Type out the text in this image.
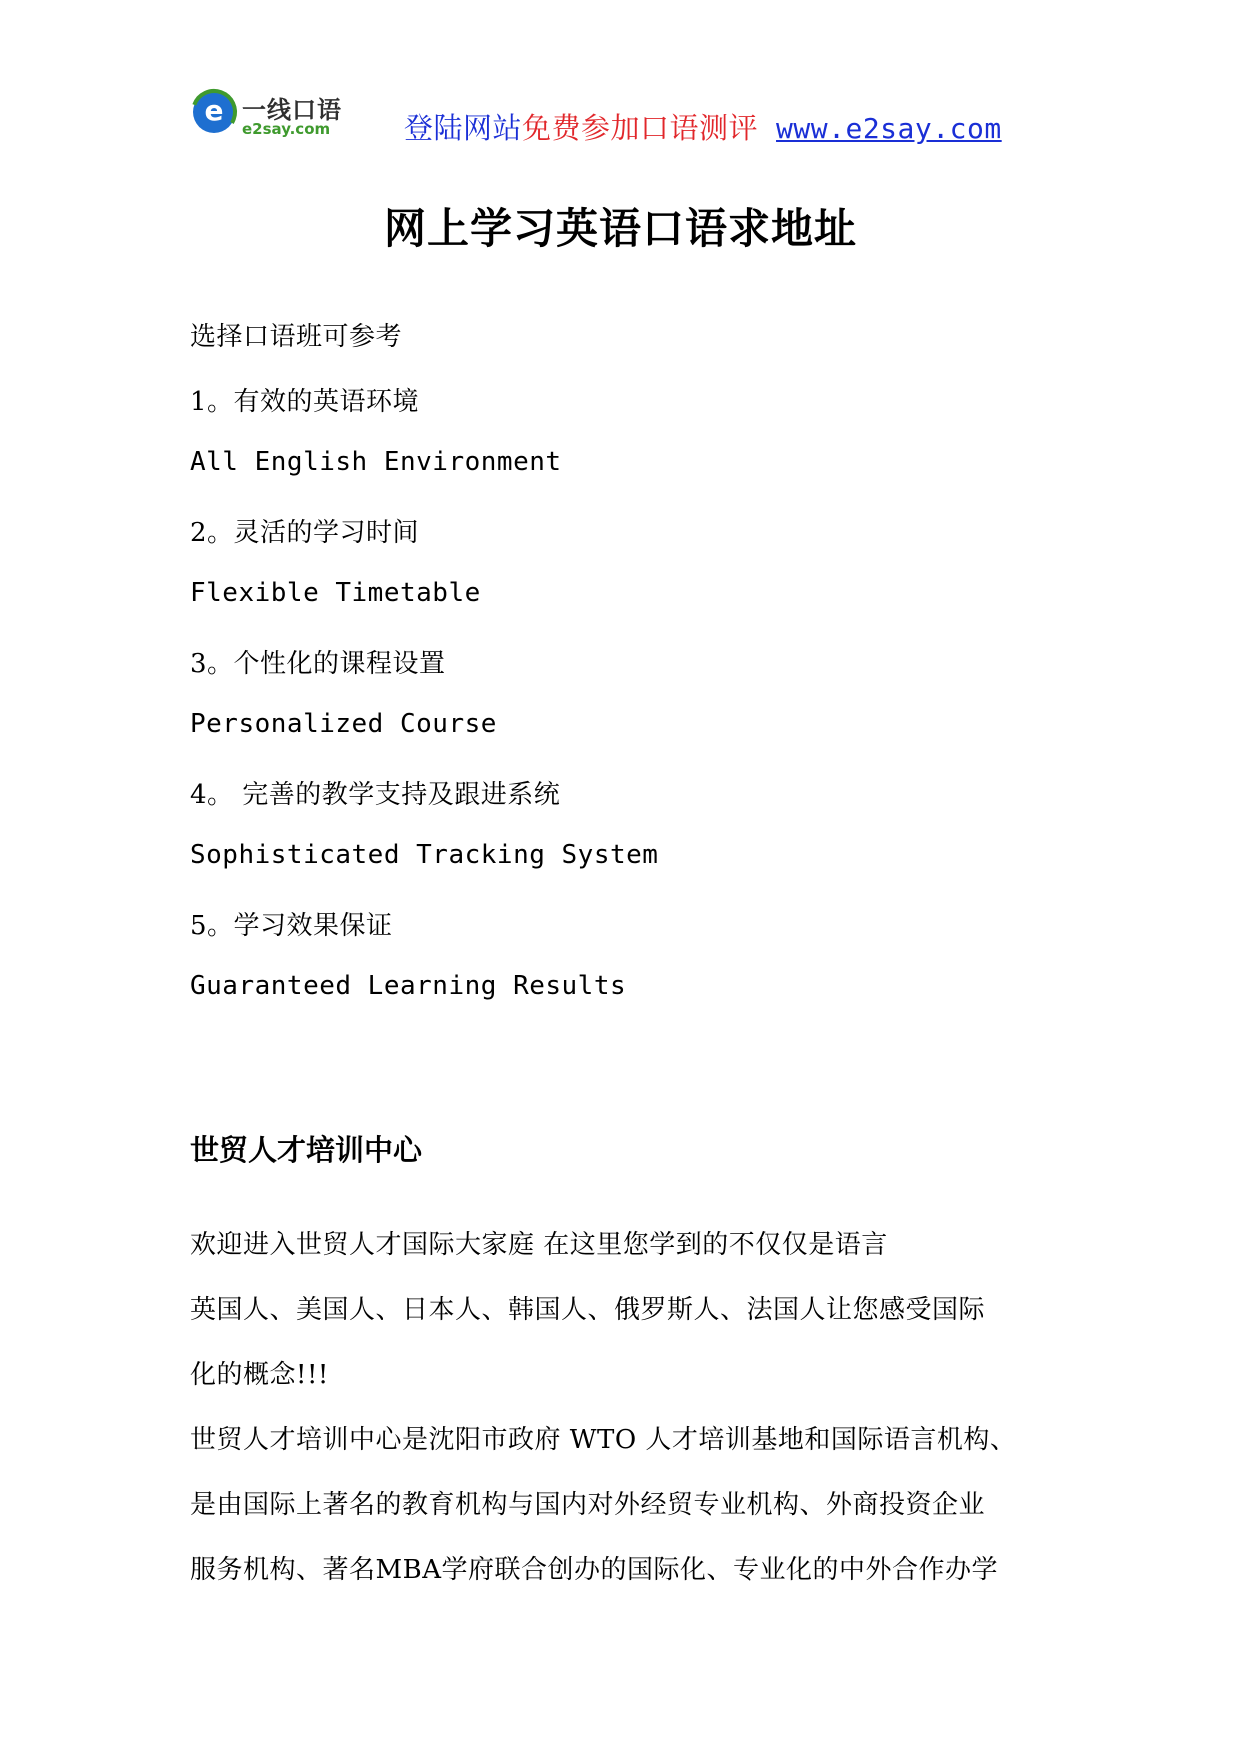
e 一线口语
e2say.com	登陆网站免费参加口语测评 www.e2say.com
网上学习英语口语求地址

选择口语班可参考

1。有效的英语环境

All English Environment

2。灵活的学习时间

Flexible Timetable

3。个性化的课程设置

Personalized Course

4。 完善的教学支持及跟进系统

Sophisticated Tracking System

5。学习效果保证

Guaranteed Learning Results

世贸人才培训中心

欢迎进入世贸人才国际大家庭 在这里您学到的不仅仅是语言

英国人、美国人、日本人、韩国人、俄罗斯人、法国人让您感受国际

化的概念!!!

世贸人才培训中心是沈阳市政府 WTO 人才培训基地和国际语言机构、

是由国际上著名的教育机构与国内对外经贸专业机构、外商投资企业

服务机构、著名MBA学府联合创办的国际化、专业化的中外合作办学
